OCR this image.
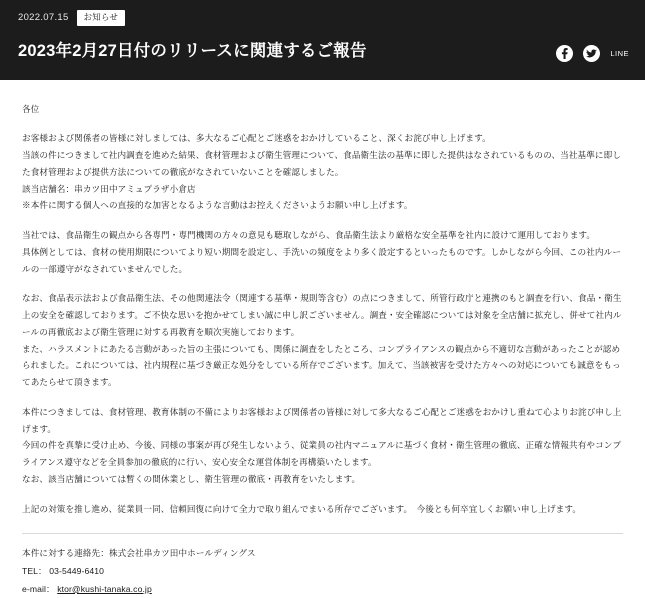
2022.07.15	お知らせ
2023年2月27日付のリリースに関連するご報告	LINE
各位

お客様および関係者の皆様に対しましては、多大なるご心配とご迷惑をおかけしていること、深くお詫び申し上げます。

当該の件につきまして社内調査を進めた結果、食材管理および衛生管理について、食品衛生法の基準に即した提供はなされているものの、当社基準に即した食材管理および提供方法についての徹底がなされていないことを確認しました。

該当店舗名：串カツ田中アミュプラザ小倉店

※本件に関する個人への直接的な加害となるような言動はお控えくださいようお願い申し上げます。

当社では、食品衛生の観点から各専門・専門機関の方々の意見も聴取しながら、食品衛生法より厳格な安全基準を社内に設けて運用しております。

具体例としては、食材の使用期限についてより短い期間を設定し、手洗いの頻度をより多く設定するといったものです。しかしながら今回、この社内ルールの一部遵守がなされていませんでした。

なお、食品表示法および食品衛生法、その他関連法令（関連する基準・規則等含む）の点につきまして、所管行政庁と連携のもと調査を行い、食品・衛生上の安全を確認しております。ご不快な思いを抱かせてしまい誠に申し訳ございません。調査・安全確認については対象を全店舗に拡充し、併せて社内ルールの再徹底および衛生管理に対する再教育を順次実施しております。

また、ハラスメントにあたる言動があった旨の主張についても、関係に調査をしたところ、コンプライアンスの観点から不適切な言動があったことが認められました。これについては、社内規程に基づき厳正な処分をしている所存でございます。加えて、当該被害を受けた方々への対応についても誠意をもってあたらせて頂きます。

本件につきましては、食材管理、教育体制の不備によりお客様および関係者の皆様に対して多大なるご心配とご迷惑をおかけし重ねて心よりお詫び申し上げます。

今回の件を真摯に受け止め、今後、同様の事案が再び発生しないよう、従業員の社内マニュアルに基づく食材・衛生管理の徹底、正確な情報共有やコンプライアンス遵守などを全員参加の徹底的に行い、安心安全な運営体制を再構築いたします。

なお、該当店舗については暫くの間休業とし、衛生管理の徹底・再教育をいたします。

上記の対策を推し進め、従業員一同、信頼回復に向けて全力で取り組んでまいる所存でございます。　今後とも何卒宜しくお願い申し上げます。

本件に対する連絡先：株式会社串カツ田中ホールディングス

TEL： 03-5449-6410

e-mail： ktor@kushi-tanaka.co.jp
